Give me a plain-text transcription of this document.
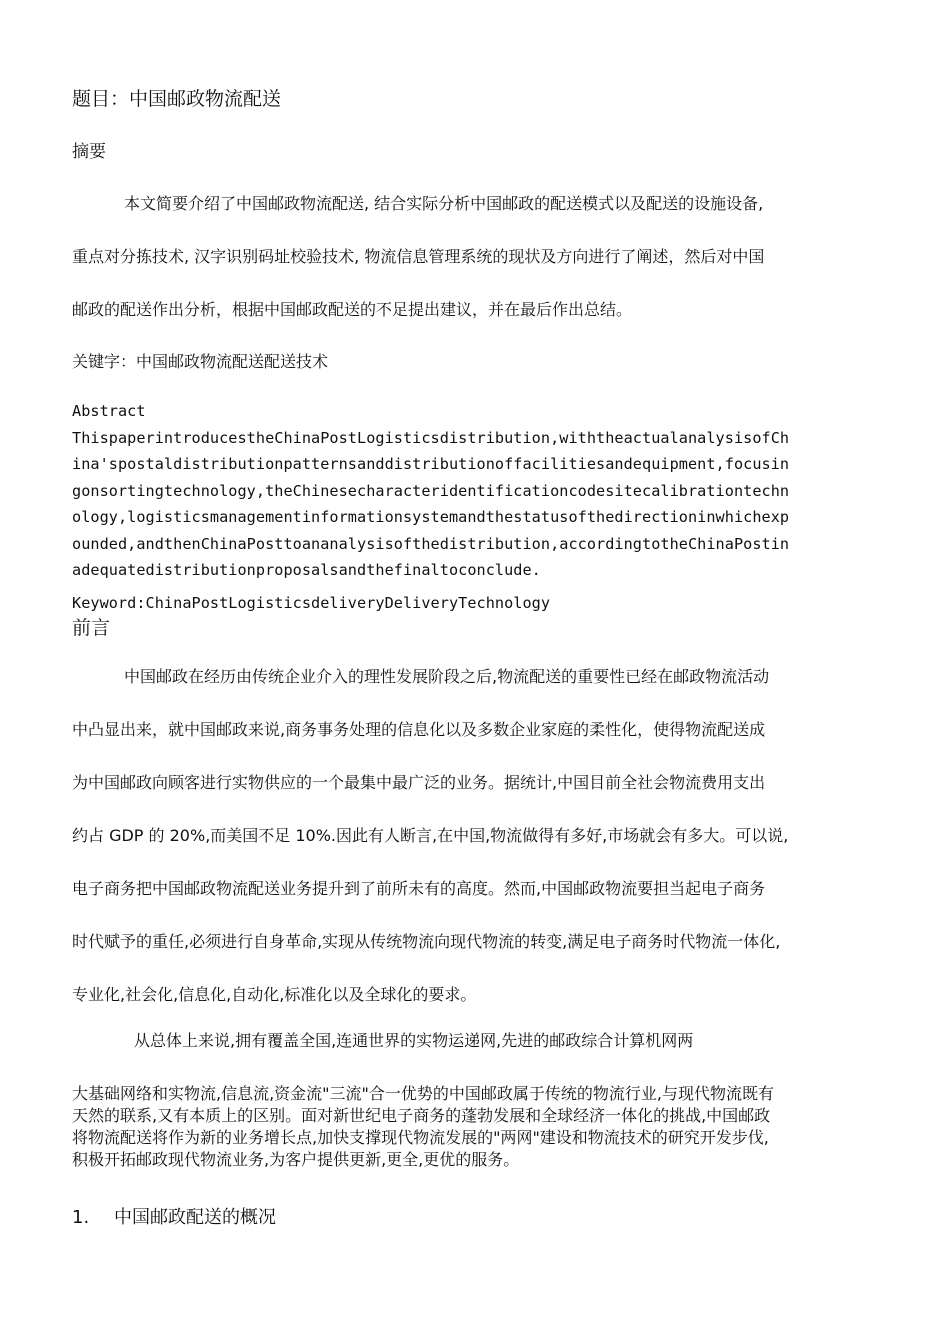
题目：中国邮政物流配送
摘要
本文简要介绍了中国邮政物流配送, 结合实际分析中国邮政的配送模式以及配送的设施设备,
重点对分拣技术, 汉字识别码址校验技术, 物流信息管理系统的现状及方向进行了阐述，然后对中国
邮政的配送作出分析，根据中国邮政配送的不足提出建议，并在最后作出总结。
关键字：中国邮政物流配送配送技术
Abstract
ThispaperintroducestheChinaPostLogisticsdistribution,withtheactualanalysisofCh
ina'spostaldistributionpatternsanddistributionoffacilitiesandequipment,focusin
gonsortingtechnology,theChinesecharacteridentificationcodesitecalibrationtechn
ology,logisticsmanagementinformationsystemandthestatusofthedirectioninwhichexp
ounded,andthenChinaPosttoananalysisofthedistribution,accordingtotheChinaPostin
adequatedistributionproposalsandthefinaltoconclude.
Keyword:ChinaPostLogisticsdeliveryDeliveryTechnology
前言
中国邮政在经历由传统企业介入的理性发展阶段之后,物流配送的重要性已经在邮政物流活动
中凸显出来，就中国邮政来说,商务事务处理的信息化以及多数企业家庭的柔性化，使得物流配送成
为中国邮政向顾客进行实物供应的一个最集中最广泛的业务。据统计,中国目前全社会物流费用支出
约占 GDP 的 20%,而美国不足 10%.因此有人断言,在中国,物流做得有多好,市场就会有多大。可以说,
电子商务把中国邮政物流配送业务提升到了前所未有的高度。然而,中国邮政物流要担当起电子商务
时代赋予的重任,必须进行自身革命,实现从传统物流向现代物流的转变,满足电子商务时代物流一体化,
专业化,社会化,信息化,自动化,标准化以及全球化的要求。
从总体上来说,拥有覆盖全国,连通世界的实物运递网,先进的邮政综合计算机网两
大基础网络和实物流,信息流,资金流"三流"合一优势的中国邮政属于传统的物流行业,与现代物流既有
天然的联系,又有本质上的区别。面对新世纪电子商务的蓬勃发展和全球经济一体化的挑战,中国邮政
将物流配送将作为新的业务增长点,加快支撑现代物流发展的"两网"建设和物流技术的研究开发步伐,
积极开拓邮政现代物流业务,为客户提供更新,更全,更优的服务。
1. 中国邮政配送的概况
